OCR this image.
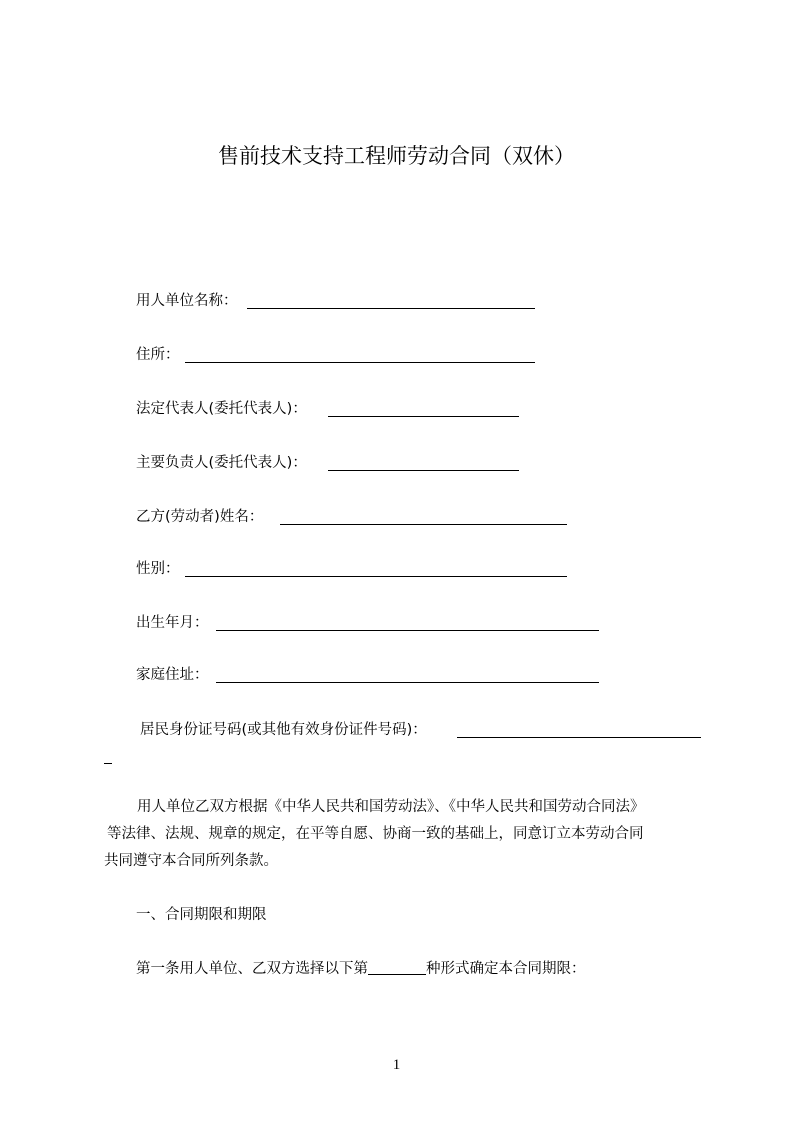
售前技术支持工程师劳动合同（双休）
用人单位名称：
住所：
法定代表人(委托代表人)：
主要负责人(委托代表人)：
乙方(劳动者)姓名：
性别：
出生年月：
家庭住址：
居民身份证号码(或其他有效身份证件号码)：
用人单位乙双方根据《中华人民共和国劳动法》、《中华人民共和国劳动合同法》
等法律、法规、规章的规定，在平等自愿、协商一致的基础上，同意订立本劳动合同
共同遵守本合同所列条款。
一、合同期限和期限
第一条用人单位、乙双方选择以下第	种形式确定本合同期限：
1
